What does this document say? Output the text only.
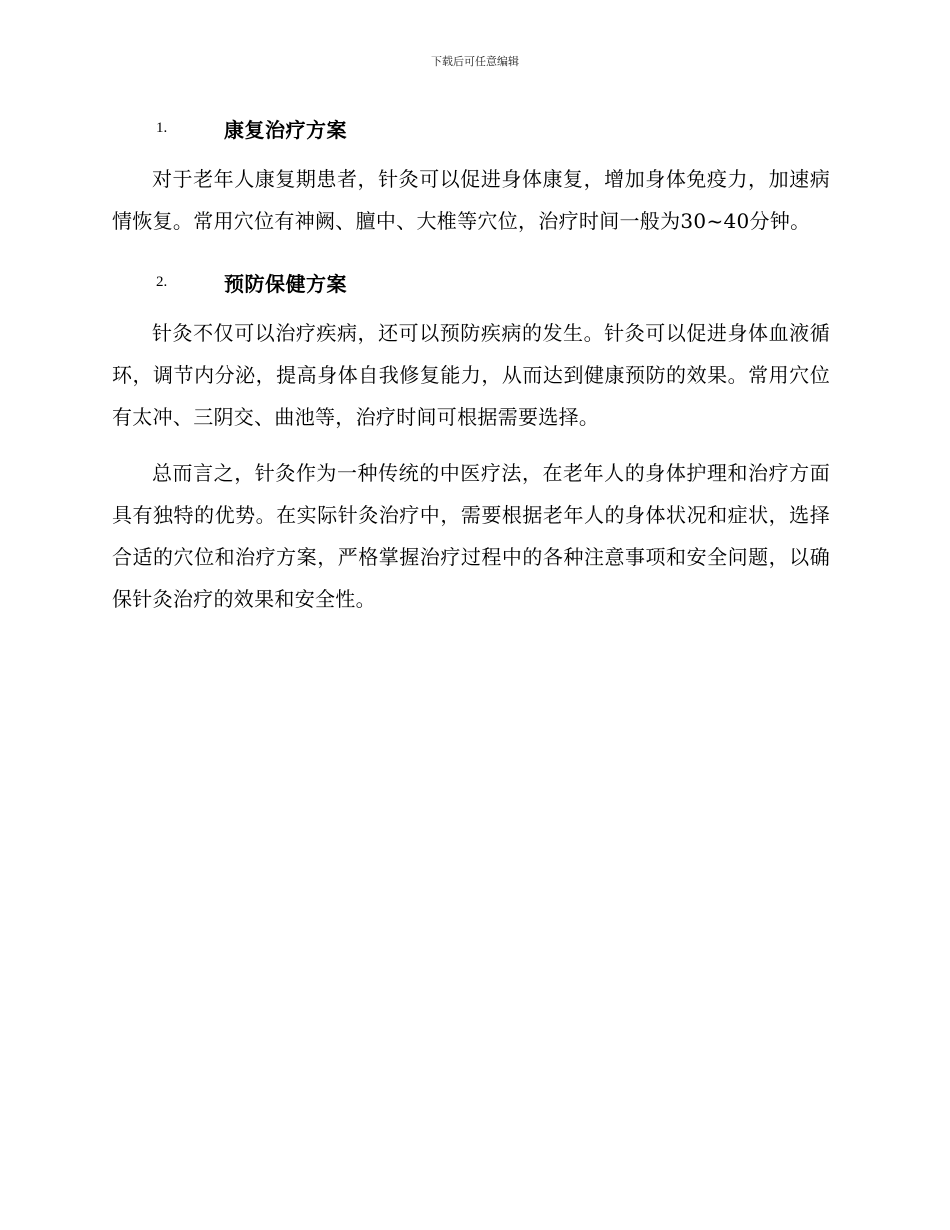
下载后可任意编辑
1.	康复治疗方案

对于老年人康复期患者，针灸可以促进身体康复，增加身体免疫力，加速病情恢复。常用穴位有神阙、膻中、大椎等穴位，治疗时间一般为30~40分钟。

2.	预防保健方案

针灸不仅可以治疗疾病，还可以预防疾病的发生。针灸可以促进身体血液循环，调节内分泌，提高身体自我修复能力，从而达到健康预防的效果。常用穴位有太冲、三阴交、曲池等，治疗时间可根据需要选择。

总而言之，针灸作为一种传统的中医疗法，在老年人的身体护理和治疗方面具有独特的优势。在实际针灸治疗中，需要根据老年人的身体状况和症状，选择合适的穴位和治疗方案，严格掌握治疗过程中的各种注意事项和安全问题，以确保针灸治疗的效果和安全性。
